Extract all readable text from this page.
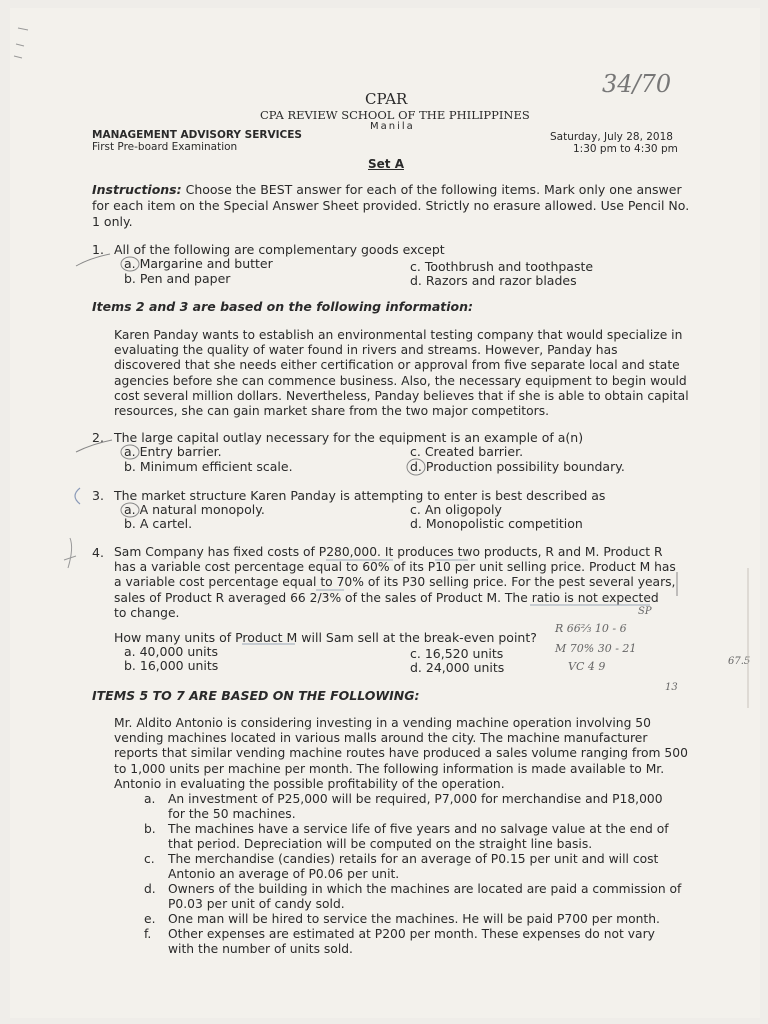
CPAR
34/70
CPA REVIEW SCHOOL OF THE PHILIPPINES
Manila
MANAGEMENT ADVISORY SERVICES
First Pre-board Examination
Saturday, July 28, 2018
1:30 pm to 4:30 pm
Set A
Instructions: Choose the BEST answer for each of the following items. Mark only one answer
for each item on the Special Answer Sheet provided. Strictly no erasure allowed. Use Pencil No.
1 only.
1. All of the following are complementary goods except
a. Margarine and butter
b. Pen and paper
c. Toothbrush and toothpaste
d. Razors and razor blades
Items 2 and 3 are based on the following information:
Karen Panday wants to establish an environmental testing company that would specialize in
evaluating the quality of water found in rivers and streams. However, Panday has
discovered that she needs either certification or approval from five separate local and state
agencies before she can commence business. Also, the necessary equipment to begin would
cost several million dollars. Nevertheless, Panday believes that if she is able to obtain capital
resources, she can gain market share from the two major competitors.
2. The large capital outlay necessary for the equipment is an example of a(n)
a. Entry barrier.
b. Minimum efficient scale.
c. Created barrier.
d. Production possibility boundary.
3. The market structure Karen Panday is attempting to enter is best described as
a. A natural monopoly.
b. A cartel.
c. An oligopoly
d. Monopolistic competition
4. Sam Company has fixed costs of P280,000. It produces two products, R and M. Product R
has a variable cost percentage equal to 60% of its P10 per unit selling price. Product M has
a variable cost percentage equal to 70% of its P30 selling price. For the pest several years,
sales of Product R averaged 66 2/3% of the sales of Product M. The ratio is not expected
to change.
How many units of Product M will Sam sell at the break-even point?
a. 40,000 units
b. 16,000 units
c. 16,520 units
d. 24,000 units
SP
R 66⅔ 10 - 6
M 70% 30 - 21
VC 4 9
13
67.5
ITEMS 5 TO 7 ARE BASED ON THE FOLLOWING:
Mr. Aldito Antonio is considering investing in a vending machine operation involving 50
vending machines located in various malls around the city. The machine manufacturer
reports that similar vending machine routes have produced a sales volume ranging from 500
to 1,000 units per machine per month. The following information is made available to Mr.
Antonio in evaluating the possible profitability of the operation.
a.	An investment of P25,000 will be required, P7,000 for merchandise and P18,000
for the 50 machines.
b. The machines have a service life of five years and no salvage value at the end of
that period. Depreciation will be computed on the straight line basis.
c.	The merchandise (candies) retails for an average of P0.15 per unit and will cost
Antonio an average of P0.06 per unit.
d. Owners of the building in which the machines are located are paid a commission of
P0.03 per unit of candy sold.
e.	One man will be hired to service the machines. He will be paid P700 per month.
f.	Other expenses are estimated at P200 per month. These expenses do not vary
with the number of units sold.
